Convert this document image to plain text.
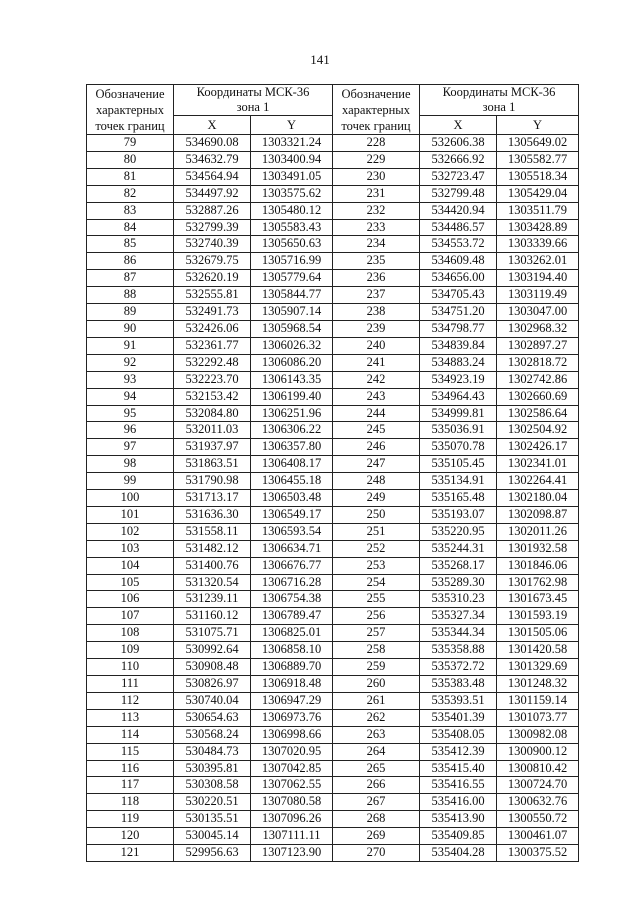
141
Обозначение
характерных
точек границ	Координаты МСК-36
зона 1		Обозначение
характерных
точек границ	Координаты МСК-36
зона 1	
	X	Y		X	Y
79	534690.08	1303321.24	228	532606.38	1305649.02
80	534632.79	1303400.94	229	532666.92	1305582.77
81	534564.94	1303491.05	230	532723.47	1305518.34
82	534497.92	1303575.62	231	532799.48	1305429.04
83	532887.26	1305480.12	232	534420.94	1303511.79
84	532799.39	1305583.43	233	534486.57	1303428.89
85	532740.39	1305650.63	234	534553.72	1303339.66
86	532679.75	1305716.99	235	534609.48	1303262.01
87	532620.19	1305779.64	236	534656.00	1303194.40
88	532555.81	1305844.77	237	534705.43	1303119.49
89	532491.73	1305907.14	238	534751.20	1303047.00
90	532426.06	1305968.54	239	534798.77	1302968.32
91	532361.77	1306026.32	240	534839.84	1302897.27
92	532292.48	1306086.20	241	534883.24	1302818.72
93	532223.70	1306143.35	242	534923.19	1302742.86
94	532153.42	1306199.40	243	534964.43	1302660.69
95	532084.80	1306251.96	244	534999.81	1302586.64
96	532011.03	1306306.22	245	535036.91	1302504.92
97	531937.97	1306357.80	246	535070.78	1302426.17
98	531863.51	1306408.17	247	535105.45	1302341.01
99	531790.98	1306455.18	248	535134.91	1302264.41
100	531713.17	1306503.48	249	535165.48	1302180.04
101	531636.30	1306549.17	250	535193.07	1302098.87
102	531558.11	1306593.54	251	535220.95	1302011.26
103	531482.12	1306634.71	252	535244.31	1301932.58
104	531400.76	1306676.77	253	535268.17	1301846.06
105	531320.54	1306716.28	254	535289.30	1301762.98
106	531239.11	1306754.38	255	535310.23	1301673.45
107	531160.12	1306789.47	256	535327.34	1301593.19
108	531075.71	1306825.01	257	535344.34	1301505.06
109	530992.64	1306858.10	258	535358.88	1301420.58
110	530908.48	1306889.70	259	535372.72	1301329.69
111	530826.97	1306918.48	260	535383.48	1301248.32
112	530740.04	1306947.29	261	535393.51	1301159.14
113	530654.63	1306973.76	262	535401.39	1301073.77
114	530568.24	1306998.66	263	535408.05	1300982.08
115	530484.73	1307020.95	264	535412.39	1300900.12
116	530395.81	1307042.85	265	535415.40	1300810.42
117	530308.58	1307062.55	266	535416.55	1300724.70
118	530220.51	1307080.58	267	535416.00	1300632.76
119	530135.51	1307096.26	268	535413.90	1300550.72
120	530045.14	1307111.11	269	535409.85	1300461.07
121	529956.63	1307123.90	270	535404.28	1300375.52
